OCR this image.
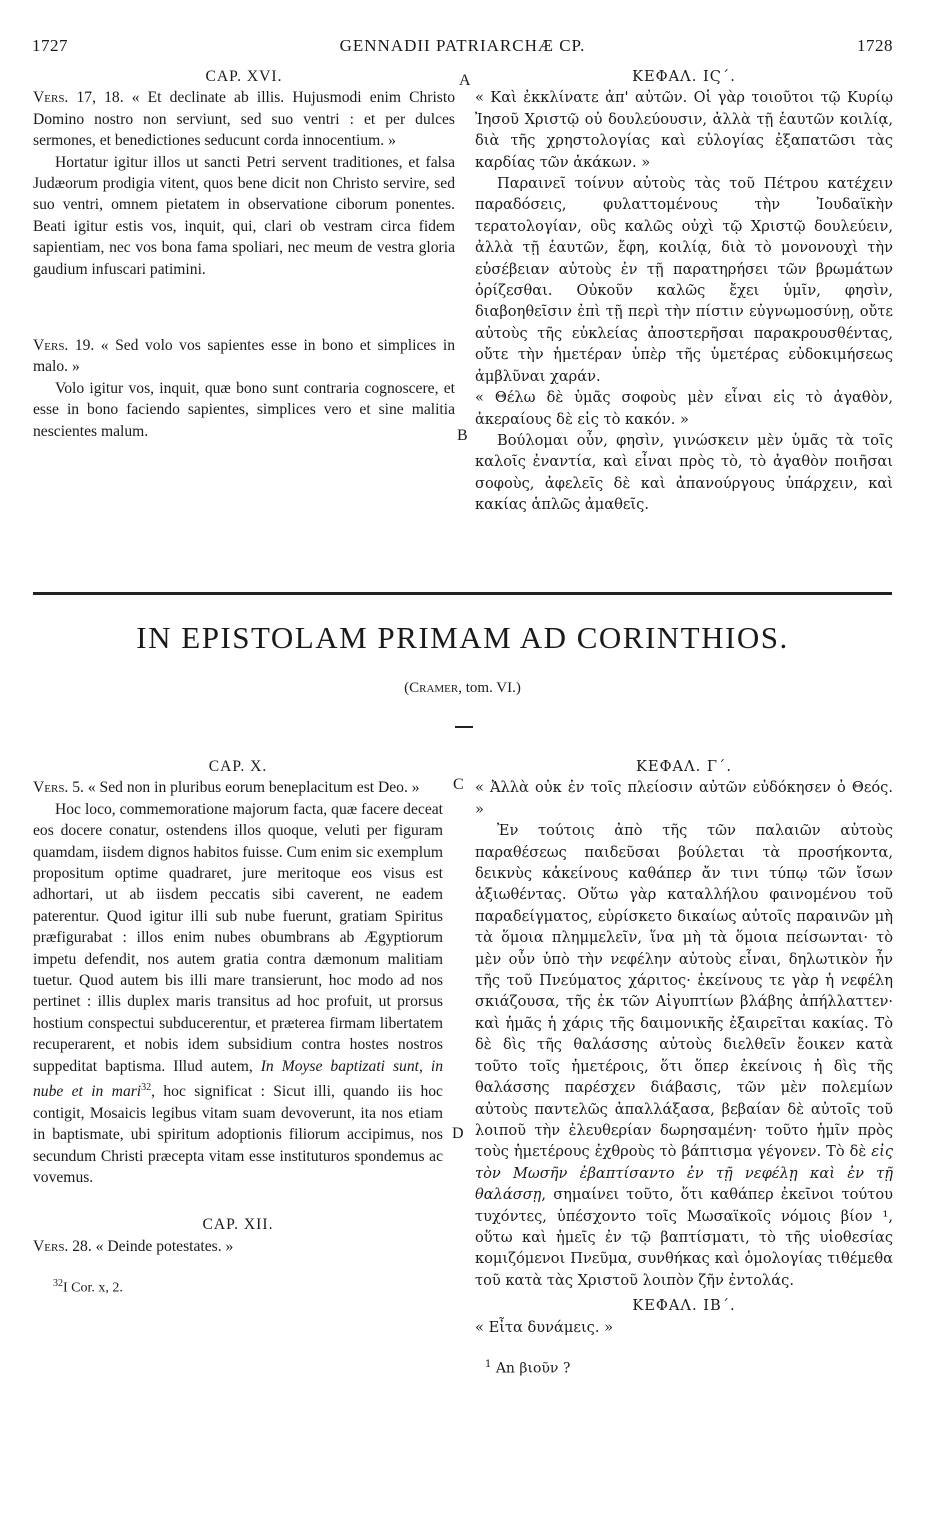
1727	GENNADII PATRIARCHÆ CP.	1728

CAP. XVI.

Vers. 17, 18. « Et declinate ab illis. Hujusmodi enim Christo Domino nostro non serviunt, sed suo ventri : et per dulces sermones, et benedictiones seducunt corda innocentium. »

Hortatur igitur illos ut sancti Petri servent traditiones, et falsa Judæorum prodigia vitent, quos bene dicit non Christo servire, sed suo ventri, omnem pietatem in observatione ciborum ponentes. Beati igitur estis vos, inquit, qui, clari ob vestram circa fidem sapientiam, nec vos bona fama spoliari, nec meum de vestra gloria gaudium infuscari patimini.

Vers. 19. « Sed volo vos sapientes esse in bono et simplices in malo. »

Volo igitur vos, inquit, quæ bono sunt contraria cognoscere, et esse in bono faciendo sapientes, simplices vero et sine malitia nescientes malum.

ΚΕΦΑΛ. ΙϚ΄.

« Καὶ ἐκκλίνατε ἀπ' αὐτῶν. Οἱ γὰρ τοιοῦτοι τῷ Κυρίῳ Ἰησοῦ Χριστῷ οὐ δουλεύουσιν, ἀλλὰ τῇ ἑαυτῶν κοιλίᾳ, διὰ τῆς χρηστολογίας καὶ εὐλογίας ἐξαπατῶσι τὰς καρδίας τῶν ἀκάκων. »

Παραινεῖ τοίνυν αὐτοὺς τὰς τοῦ Πέτρου κατέχειν παραδόσεις, φυλαττομένους τὴν Ἰουδαϊκὴν τερατολογίαν, οὓς καλῶς οὐχὶ τῷ Χριστῷ δουλεύειν, ἀλλὰ τῇ ἑαυτῶν, ἔφη, κοιλίᾳ, διὰ τὸ μονονουχὶ τὴν εὐσέβειαν αὐτοὺς ἐν τῇ παρατηρήσει τῶν βρωμάτων ὁρίζεσθαι. Οὐκοῦν καλῶς ἔχει ὑμῖν, φησὶν, διαβοηθεῖσιν ἐπὶ τῇ περὶ τὴν πίστιν εὐγνωμοσύνῃ, οὔτε αὐτοὺς τῆς εὐκλείας ἀποστερῆσαι παρακρουσθέντας, οὔτε τὴν ἡμετέραν ὑπὲρ τῆς ὑμετέρας εὐδοκιμήσεως ἀμβλῦναι χαράν.

« Θέλω δὲ ὑμᾶς σοφοὺς μὲν εἶναι εἰς τὸ ἀγαθὸν, ἀκεραίους δὲ εἰς τὸ κακόν. »

Βούλομαι οὖν, φησὶν, γινώσκειν μὲν ὑμᾶς τὰ τοῖς καλοῖς ἐναντία, καὶ εἶναι πρὸς τὸ, τὸ ἀγαθὸν ποιῆσαι σοφοὺς, ἀφελεῖς δὲ καὶ ἀπανούργους ὑπάρχειν, καὶ κακίας ἁπλῶς ἀμαθεῖς.

A
B
IN EPISTOLAM PRIMAM AD CORINTHIOS.
(Cramer, tom. VI.)

CAP. X.

Vers. 5. « Sed non in pluribus eorum beneplacitum est Deo. »

Hoc loco, commemoratione majorum facta, quæ facere deceat eos docere conatur, ostendens illos quoque, veluti per figuram quamdam, iisdem dignos habitos fuisse. Cum enim sic exemplum propositum optime quadraret, jure meritoque eos visus est adhortari, ut ab iisdem peccatis sibi caverent, ne eadem paterentur. Quod igitur illi sub nube fuerunt, gratiam Spiritus præfigurabat : illos enim nubes obumbrans ab Ægyptiorum impetu defendit, nos autem gratia contra dæmonum malitiam tuetur. Quod autem bis illi mare transierunt, hoc modo ad nos pertinet : illis duplex maris transitus ad hoc profuit, ut prorsus hostium conspectui subducerentur, et præterea firmam libertatem recuperarent, et nobis idem subsidium contra hostes nostros suppeditat baptisma. Illud autem, In Moyse baptizati sunt, in nube et in mari$^{32}$, hoc significat : Sicut illi, quando iis hoc contigit, Mosaicis legibus vitam suam devoverunt, ita nos etiam in baptismate, ubi spiritum adoptionis filiorum accipimus, nos secundum Christi præcepta vitam esse instituturos spondemus ac vovemus.

CAP. XII.

Vers. 28. « Deinde potestates. »

$^{32}$I Cor. x, 2.

ΚΕΦΑΛ. Γ΄.

« Ἀλλὰ οὐκ ἐν τοῖς πλείοσιν αὐτῶν εὐδόκησεν ὁ Θεός. »

Ἐν τούτοις ἀπὸ τῆς τῶν παλαιῶν αὐτοὺς παραθέσεως παιδεῦσαι βούλεται τὰ προσήκοντα, δεικνὺς κἀκείνους καθάπερ ἄν τινι τύπῳ τῶν ἴσων ἀξιωθέντας. Οὕτω γὰρ καταλλήλου φαινομένου τοῦ παραδείγματος, εὑρίσκετο δικαίως αὐτοῖς παραινῶν μὴ τὰ ὅμοια πλημμελεῖν, ἵνα μὴ τὰ ὅμοια πείσωνται· τὸ μὲν οὖν ὑπὸ τὴν νεφέλην αὐτοὺς εἶναι, δηλωτικὸν ἦν τῆς τοῦ Πνεύματος χάριτος· ἐκείνους τε γὰρ ἡ νεφέλη σκιάζουσα, τῆς ἐκ τῶν Αἰγυπτίων βλάβης ἀπήλλαττεν· καὶ ἡμᾶς ἡ χάρις τῆς δαιμονικῆς ἐξαιρεῖται κακίας. Τὸ δὲ δὶς τῆς θαλάσσης αὐτοὺς διελθεῖν ἔοικεν κατὰ τοῦτο τοῖς ἡμετέροις, ὅτι ὅπερ ἐκείνοις ἡ δὶς τῆς θαλάσσης παρέσχεν διάβασις, τῶν μὲν πολεμίων αὐτοὺς παντελῶς ἀπαλλάξασα, βεβαίαν δὲ αὐτοῖς τοῦ λοιποῦ τὴν ἐλευθερίαν δωρησαμένη· τοῦτο ἡμῖν πρὸς τοὺς ἡμετέρους ἐχθροὺς τὸ βάπτισμα γέγονεν. Τὸ δὲ εἰς τὸν Μωσῆν ἐβαπτίσαντο ἐν τῇ νεφέλῃ καὶ ἐν τῇ θαλάσσῃ, σημαίνει τοῦτο, ὅτι καθάπερ ἐκεῖνοι τούτου τυχόντες, ὑπέσχοντο τοῖς Μωσαϊκοῖς νόμοις βίον ¹, οὕτω καὶ ἡμεῖς ἐν τῷ βαπτίσματι, τὸ τῆς υἱοθεσίας κομιζόμενοι Πνεῦμα, συνθήκας καὶ ὁμολογίας τιθέμεθα τοῦ κατὰ τὰς Χριστοῦ λοιπὸν ζῆν ἐντολάς.

ΚΕΦΑΛ. ΙΒ΄.

« Εἶτα δυνάμεις. »

$^1$ An βιοῦν ?

C
D
